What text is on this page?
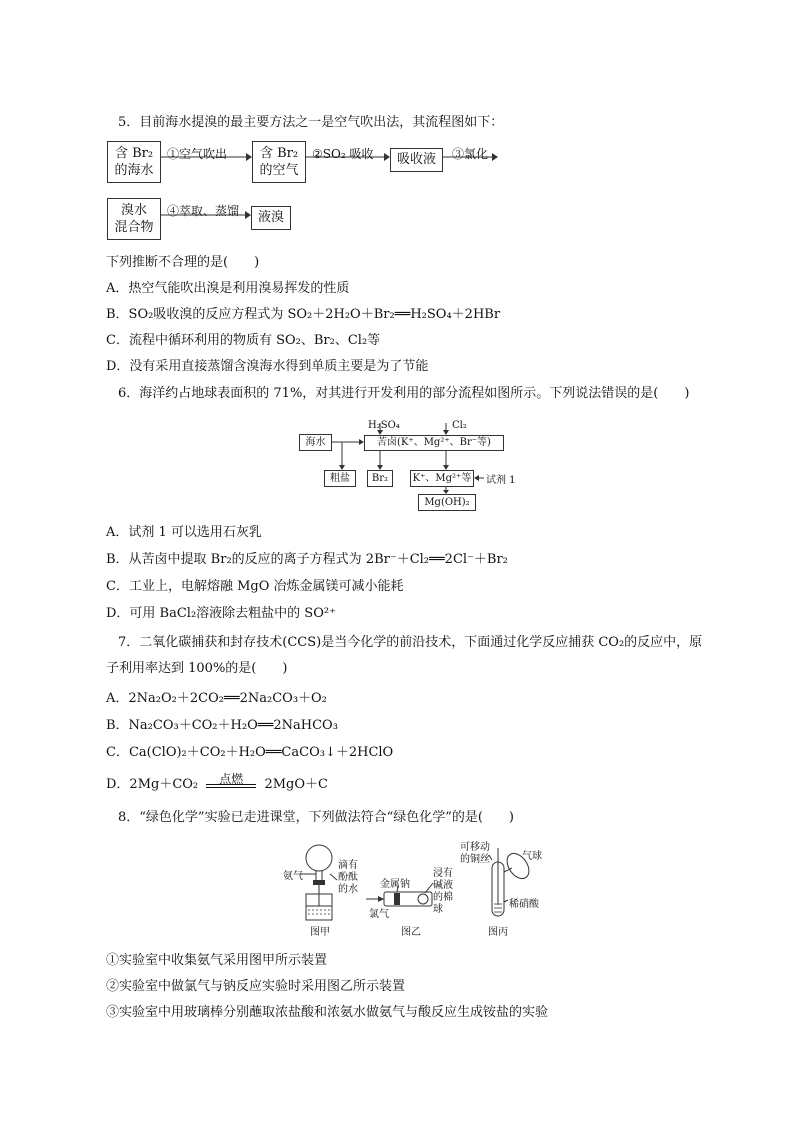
5．目前海水提溴的最主要方法之一是空气吹出法，其流程图如下：
含 Br₂
的海水
①空气吹出	含 Br₂
的空气
②SO₂ 吸收	吸收液	③氯化
溴水
混合物
④萃取、蒸馏	液溴
下列推断不合理的是(　　)
A．热空气能吹出溴是利用溴易挥发的性质
B．SO₂吸收溴的反应方程式为 SO₂＋2H₂O＋Br₂══H₂SO₄＋2HBr
C．流程中循环利用的物质有 SO₂、Br₂、Cl₂等
D．没有采用直接蒸馏含溴海水得到单质主要是为了节能
6．海洋约占地球表面积的 71%，对其进行开发利用的部分流程如图所示。下列说法错误的是(　　)
海水
H₂SO₄	Cl₂
苦卤(K⁺、Mg²⁺、Br⁻等)
粗盐	Br₂	K⁺、Mg²⁺等 试剂 1
Mg(OH)₂
A．试剂 1 可以选用石灰乳
B．从苦卤中提取 Br₂的反应的离子方程式为 2Br⁻＋Cl₂══2Cl⁻＋Br₂
C．工业上，电解熔融 MgO 冶炼金属镁可减小能耗
D．可用 BaCl₂溶液除去粗盐中的 SO²⁺
7．二氧化碳捕获和封存技术(CCS)是当今化学的前沿技术，下面通过化学反应捕获 CO₂的反应中，原
子利用率达到 100%的是(　　)
A．2Na₂O₂＋2CO₂══2Na₂CO₃＋O₂
B．Na₂CO₃＋CO₂＋H₂O══2NaHCO₃
C．Ca(ClO)₂＋CO₂＋H₂O══CaCO₃↓＋2HClO
D．2Mg＋CO₂	点燃	2MgO＋C
8．“绿色化学”实验已走进课堂，下列做法符合“绿色化学”的是(　　)
氨气
滴有
酚酞
的水
图甲
金属钠
氯气
浸有
碱液
的棉
球
图乙
可移动
的铜丝	气球
稀硝酸
图丙
①实验室中收集氨气采用图甲所示装置
②实验室中做氯气与钠反应实验时采用图乙所示装置
③实验室中用玻璃棒分别蘸取浓盐酸和浓氨水做氨气与酸反应生成铵盐的实验
